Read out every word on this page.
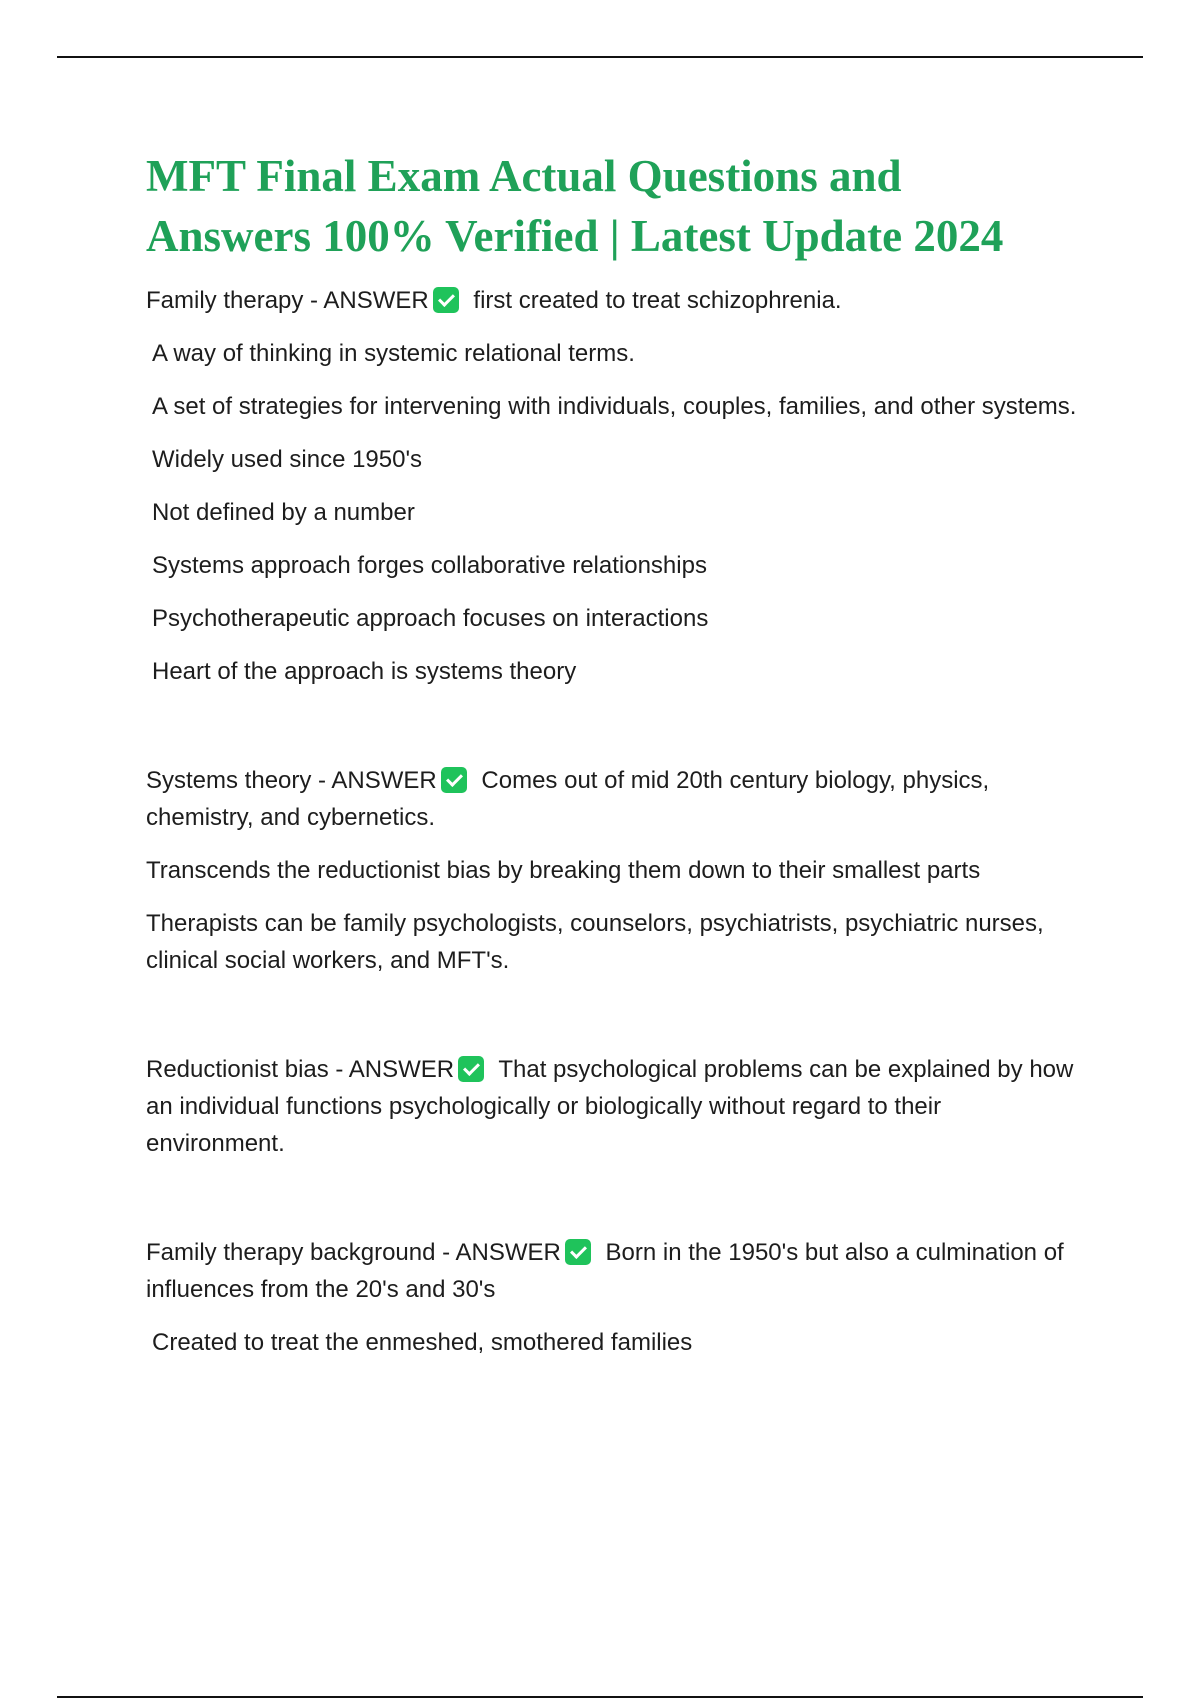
MFT Final Exam Actual Questions and
Answers 100% Verified | Latest Update 2024

Family therapy - ANSWER first created to treat schizophrenia.

A way of thinking in systemic relational terms.

A set of strategies for intervening with individuals, couples, families, and other systems.

Widely used since 1950's

Not defined by a number

Systems approach forges collaborative relationships

Psychotherapeutic approach focuses on interactions

Heart of the approach is systems theory

Systems theory - ANSWER Comes out of mid 20th century biology, physics, chemistry, and cybernetics.

Transcends the reductionist bias by breaking them down to their smallest parts

Therapists can be family psychologists, counselors, psychiatrists, psychiatric nurses, clinical social workers, and MFT's.

Reductionist bias - ANSWER That psychological problems can be explained by how an individual functions psychologically or biologically without regard to their environment.

Family therapy background - ANSWER Born in the 1950's but also a culmination of influences from the 20's and 30's

Created to treat the enmeshed, smothered families
